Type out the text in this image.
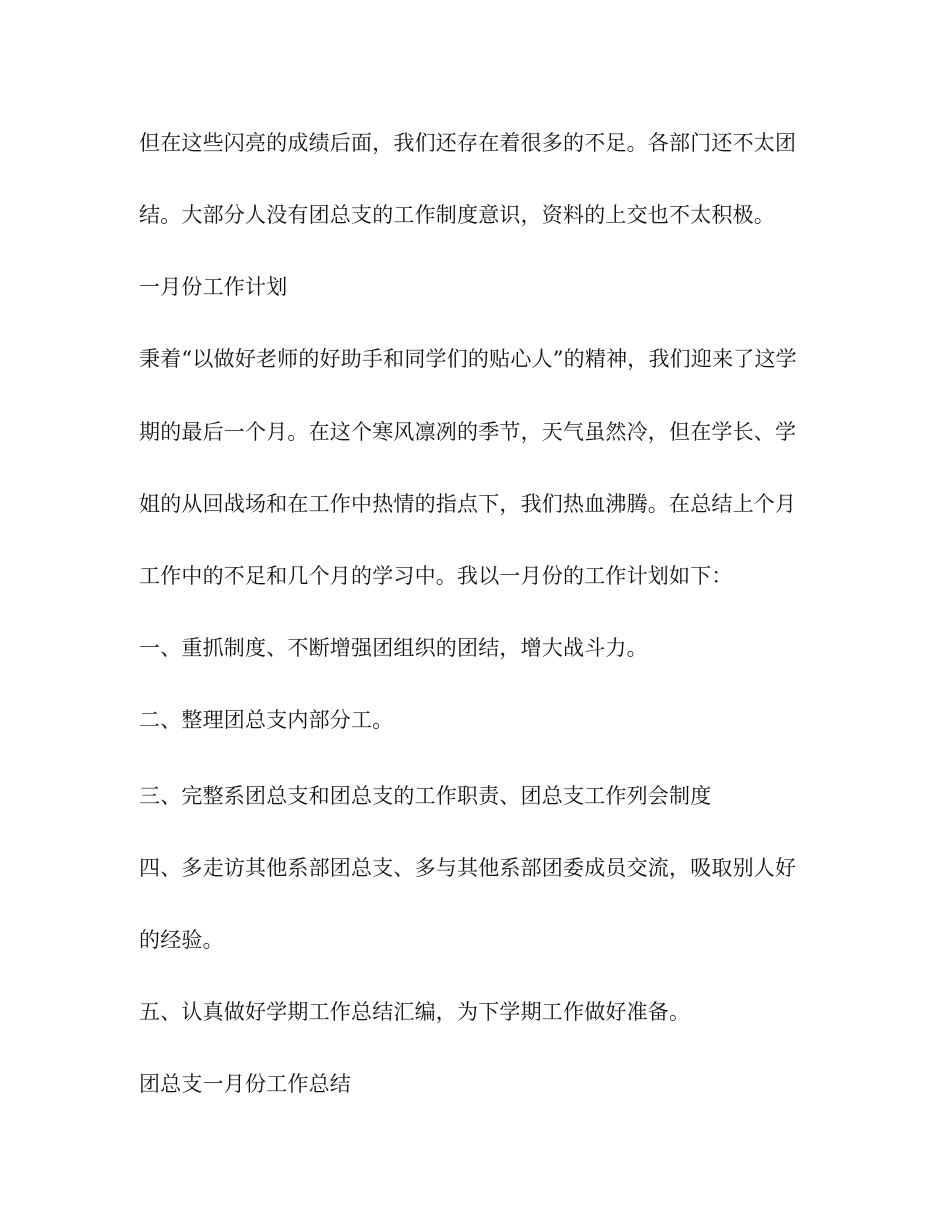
但在这些闪亮的成绩后面，我们还存在着很多的不足。各部门还不太团

结。大部分人没有团总支的工作制度意识，资料的上交也不太积极。

一月份工作计划

秉着“以做好老师的好助手和同学们的贴心人”的精神，我们迎来了这学

期的最后一个月。在这个寒风凛冽的季节，天气虽然冷，但在学长、学

姐的从回战场和在工作中热情的指点下，我们热血沸腾。在总结上个月

工作中的不足和几个月的学习中。我以一月份的工作计划如下：

一、重抓制度、不断增强团组织的团结，增大战斗力。

二、整理团总支内部分工。

三、完整系团总支和团总支的工作职责、团总支工作列会制度

四、多走访其他系部团总支、多与其他系部团委成员交流，吸取别人好

的经验。

五、认真做好学期工作总结汇编，为下学期工作做好准备。

团总支一月份工作总结
